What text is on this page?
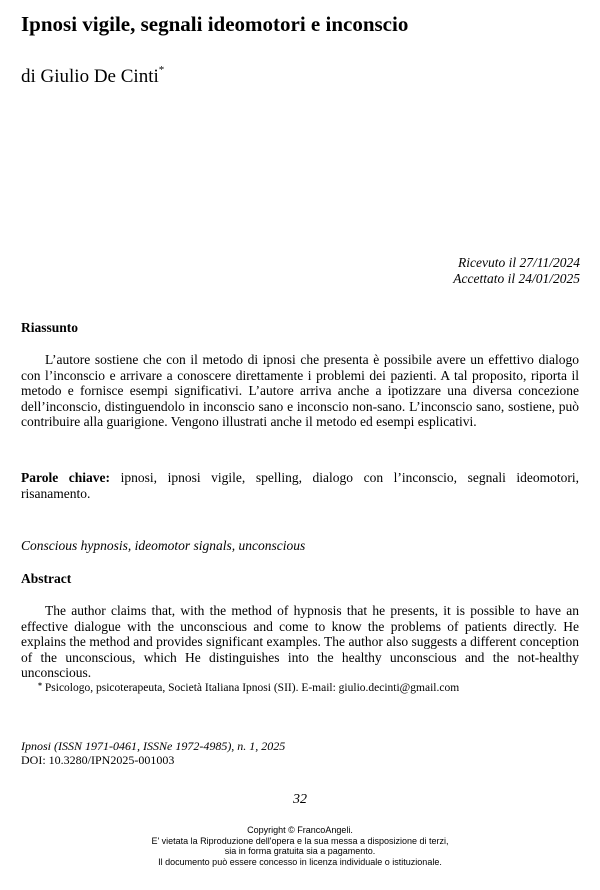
Ipnosi vigile, segnali ideomotori e inconscio
di Giulio De Cinti*
Ricevuto il 27/11/2024
Accettato il 24/01/2025
Riassunto

L’autore sostiene che con il metodo di ipnosi che presenta è possibile avere un effettivo dialogo con l’inconscio e arrivare a conoscere direttamente i problemi dei pazienti. A tal proposito, riporta il metodo e fornisce esempi significativi. L’autore arriva anche a ipotizzare una diversa concezione dell’inconscio, distinguendolo in inconscio sano e inconscio non-sano. L’inconscio sano, sostiene, può contribuire alla guarigione. Vengono illustrati anche il metodo ed esempi esplicativi.

Parole chiave: ipnosi, ipnosi vigile, spelling, dialogo con l’inconscio, segnali ideomotori, risanamento.

Conscious hypnosis, ideomotor signals, unconscious
Abstract

The author claims that, with the method of hypnosis that he presents, it is possible to have an effective dialogue with the unconscious and come to know the problems of patients directly. He explains the method and provides significant examples. The author also suggests a different conception of the unconscious, which He distinguishes into the healthy unconscious and the not-healthy unconscious.

* Psicologo, psicoterapeuta, Società Italiana Ipnosi (SII). E-mail: giulio.decinti@gmail.com
Ipnosi (ISSN 1971-0461, ISSNe 1972-4985), n. 1, 2025
DOI: 10.3280/IPN2025-001003
32
Copyright © FrancoAngeli.
E' vietata la Riproduzione dell'opera e la sua messa a disposizione di terzi,
sia in forma gratuita sia a pagamento.
Il documento può essere concesso in licenza individuale o istituzionale.
